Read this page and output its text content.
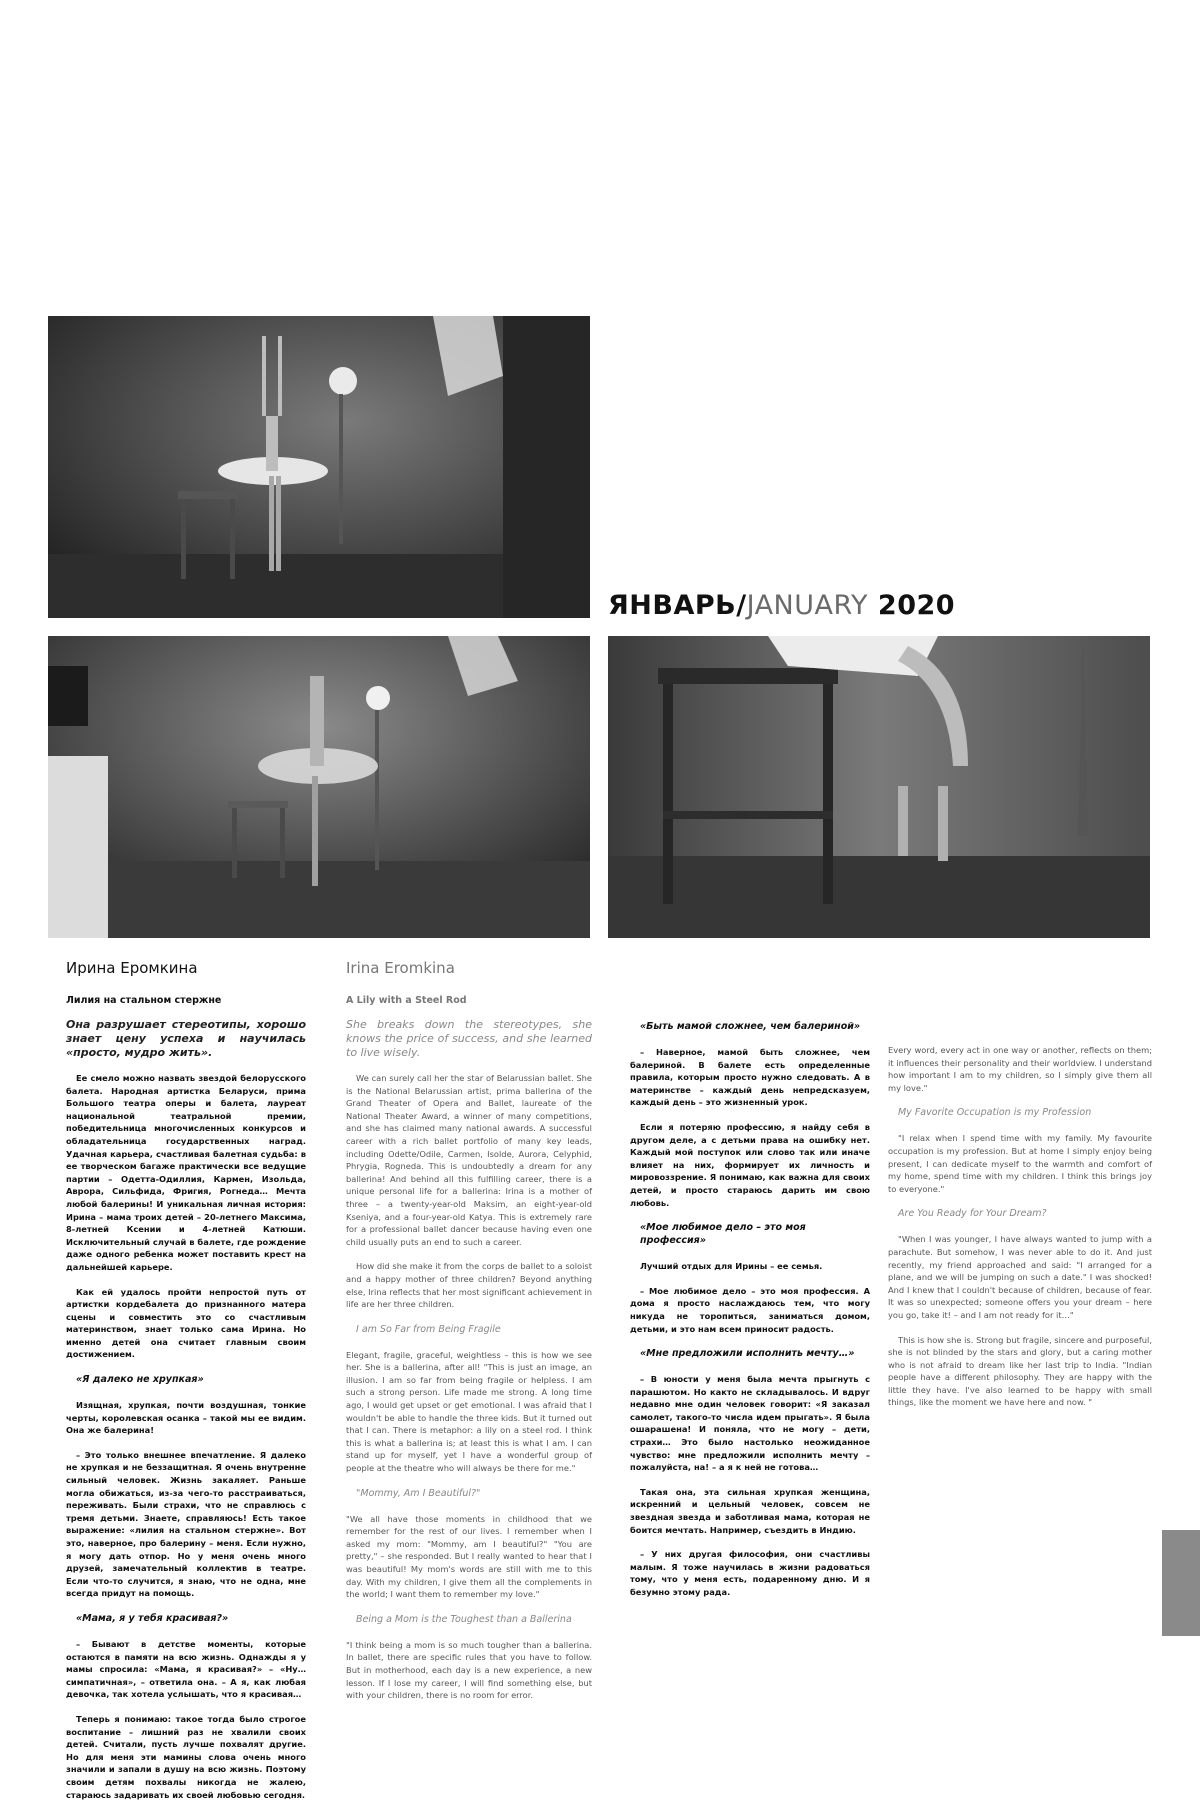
ЯНВАРЬ/JANUARY 2020
Ирина Еромкина
Лилия на стальном стержне
Она разрушает стереотипы, хорошо знает цену успеха и научилась «просто, мудро жить».

Ее смело можно назвать звездой белорусского балета. Народная артистка Беларуси, прима Большого театра оперы и балета, лауреат национальной театральной премии, победительница многочисленных конкурсов и обладательница государственных наград. Удачная карьера, счастливая балетная судьба: в ее творческом багаже практически все ведущие партии – Одетта-Одиллия, Кармен, Изольда, Аврора, Сильфида, Фригия, Рогнеда… Мечта любой балерины! И уникальная личная история: Ирина – мама троих детей – 20-летнего Максима, 8-летней Ксении и 4-летней Катюши. Исключительный случай в балете, где рождение даже одного ребенка может поставить крест на дальнейшей карьере.

Как ей удалось пройти непростой путь от артистки кордебалета до признанного матера сцены и совместить это со счастливым материнством, знает только сама Ирина. Но именно детей она считает главным своим достижением.

«Я далеко не хрупкая»

Изящная, хрупкая, почти воздушная, тонкие черты, королевская осанка – такой мы ее видим. Она же балерина!

– Это только внешнее впечатление. Я далеко не хрупкая и не беззащитная. Я очень внутренне сильный человек. Жизнь закаляет. Раньше могла обижаться, из-за чего-то расстраиваться, переживать. Были страхи, что не справлюсь с тремя детьми. Знаете, справляюсь! Есть такое выражение: «лилия на стальном стержне». Вот это, наверное, про балерину – меня. Если нужно, я могу дать отпор. Но у меня очень много друзей, замечательный коллектив в театре. Если что-то случится, я знаю, что не одна, мне всегда придут на помощь.

«Мама, я у тебя красивая?»

– Бывают в детстве моменты, которые остаются в памяти на всю жизнь. Однажды я у мамы спросила: «Мама, я красивая?» – «Ну… симпатичная», – ответила она. – А я, как любая девочка, так хотела услышать, что я красивая…

Теперь я понимаю: такое тогда было строгое воспитание – лишний раз не хвалили своих детей. Считали, пусть лучше похвалят другие. Но для меня эти мамины слова очень много значили и запали в душу на всю жизнь. Поэтому своим детям похвалы никогда не жалею, стараюсь задаривать их своей любовью сегодня.

Irina Eromkina
A Lily with a Steel Rod
She breaks down the stereotypes, she knows the price of success, and she learned to live wisely.

We can surely call her the star of Belarussian ballet. She is the National Belarussian artist, prima ballerina of the Grand Theater of Opera and Ballet, laureate of the National Theater Award, a winner of many competitions, and she has claimed many national awards. A successful career with a rich ballet portfolio of many key leads, including Odette/Odile, Carmen, Isolde, Aurora, Celyphid, Phrygia, Rogneda. This is undoubtedly a dream for any ballerina! And behind all this fulfilling career, there is a unique personal life for a ballerina: Irina is a mother of three – a twenty-year-old Maksim, an eight-year-old Kseniya, and a four-year-old Katya. This is extremely rare for a professional ballet dancer because having even one child usually puts an end to such a career.

How did she make it from the corps de ballet to a soloist and a happy mother of three children? Beyond anything else, Irina reflects that her most significant achievement in life are her three children.

I am So Far from Being Fragile

Elegant, fragile, graceful, weightless – this is how we see her. She is a ballerina, after all! "This is just an image, an illusion. I am so far from being fragile or helpless. I am such a strong person. Life made me strong. A long time ago, I would get upset or get emotional. I was afraid that I wouldn't be able to handle the three kids. But it turned out that I can. There is metaphor: a lily on a steel rod. I think this is what a ballerina is; at least this is what I am. I can stand up for myself, yet I have a wonderful group of people at the theatre who will always be there for me."

"Mommy, Am I Beautiful?"

"We all have those moments in childhood that we remember for the rest of our lives. I remember when I asked my mom: "Mommy, am I beautiful?" "You are pretty," – she responded. But I really wanted to hear that I was beautiful! My mom's words are still with me to this day. With my children, I give them all the complements in the world; I want them to remember my love."

Being a Mom is the Toughest than a Ballerina

"I think being a mom is so much tougher than a ballerina. In ballet, there are specific rules that you have to follow. But in motherhood, each day is a new experience, a new lesson. If I lose my career, I will find something else, but with your children, there is no room for error.

«Быть мамой сложнее, чем балериной»

– Наверное, мамой быть сложнее, чем балериной. В балете есть определенные правила, которым просто нужно следовать. А в материнстве – каждый день непредсказуем, каждый день – это жизненный урок.

Если я потеряю профессию, я найду себя в другом деле, а с детьми права на ошибку нет. Каждый мой поступок или слово так или иначе влияет на них, формирует их личность и мировоззрение. Я понимаю, как важна для своих детей, и просто стараюсь дарить им свою любовь.

«Мое любимое дело – это моя профессия»

Лучший отдых для Ирины – ее семья.

– Мое любимое дело – это моя профессия. А дома я просто наслаждаюсь тем, что могу никуда не торопиться, заниматься домом, детьми, и это нам всем приносит радость.

«Мне предложили исполнить мечту…»

– В юности у меня была мечта прыгнуть с парашютом. Но както не складывалось. И вдруг недавно мне один человек говорит: «Я заказал самолет, такого-то числа идем прыгать». Я была ошарашена! И поняла, что не могу – дети, страхи… Это было настолько неожиданное чувство: мне предложили исполнить мечту – пожалуйста, на! – а я к ней не готова…

Такая она, эта сильная хрупкая женщина, искренний и цельный человек, совсем не звездная звезда и заботливая мама, которая не боится мечтать. Например, съездить в Индию.

– У них другая философия, они счастливы малым. Я тоже научилась в жизни радоваться тому, что у меня есть, подаренному дню. И я безумно этому рада.

Every word, every act in one way or another, reflects on them; it influences their personality and their worldview. I understand how important I am to my children, so I simply give them all my love."

My Favorite Occupation is my Profession

"I relax when I spend time with my family. My favourite occupation is my profession. But at home I simply enjoy being present, I can dedicate myself to the warmth and comfort of my home, spend time with my children. I think this brings joy to everyone."

Are You Ready for Your Dream?

"When I was younger, I have always wanted to jump with a parachute. But somehow, I was never able to do it. And just recently, my friend approached and said: "I arranged for a plane, and we will be jumping on such a date." I was shocked! And I knew that I couldn't because of children, because of fear. It was so unexpected; someone offers you your dream – here you go, take it! – and I am not ready for it…"

This is how she is. Strong but fragile, sincere and purposeful, she is not blinded by the stars and glory, but a caring mother who is not afraid to dream like her last trip to India. "Indian people have a different philosophy. They are happy with the little they have. I've also learned to be happy with small things, like the moment we have here and now. "
